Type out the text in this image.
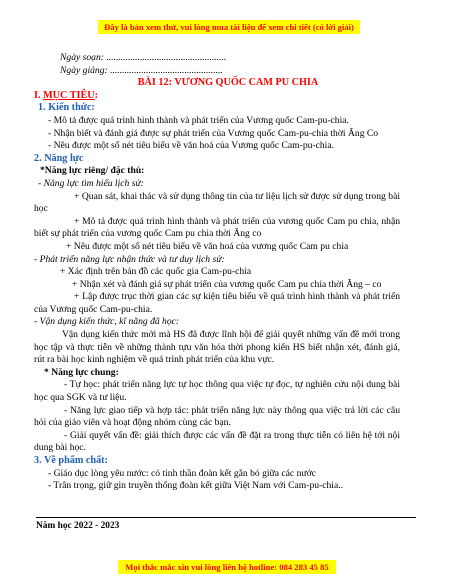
Đây là bản xem thử, vui lòng mua tài liệu để xem chi tiết (có lời giải)
Ngày soạn: ..................................................
Ngày giảng: ...............................................
BÀI 12: VƯƠNG QUỐC CAM PU CHIA
I. MỤC TIÊU:
1. Kiến thức:
- Mô tả được quá trình hình thành và phát triển của Vương quốc Cam-pu-chia.
- Nhận biết và đánh giá được sự phát triển của Vương quốc Cam-pu-chia thời Ăng Co
- Nêu được một số nét tiêu biểu về văn hoá của Vương quốc Cam-pu-chia.
2. Năng lực
*Năng lực riêng/ đặc thù:
- Năng lực tìm hiểu lịch sử:
+ Quan sát, khai thác và sử dụng thông tin của tư liệu lịch sử được sử dụng trong bài học
+ Mô tả được quá trình hình thành và phát triển của vương quốc Cam pu chia, nhận biết sự phát triển của vương quốc Cam pu chia thời Ăng co
+ Nêu được một số nét tiêu biểu về văn hoá của vương quốc Cam pu chia
- Phát triển năng lực nhận thức và tư duy lịch sử:
+ Xác định trên bản đồ các quốc gia Cam-pu-chia
+ Nhận xét và đánh giá sự phát triển của vương quốc Cam pu chia thời Ăng – co
+ Lập được trục thời gian các sự kiện tiêu biểu về quá trình hình thành và phát triển của Vương quốc Cam-pu-chia.
- Vận dụng kiến thức, kĩ năng đã học:
Vận dụng kiến thức mới mà HS đã được lĩnh hội để giải quyết những vấn đề mới trong học tập và thực tiễn về những thành tựu văn hóa thời phong kiến HS biết nhận xét, đánh giá, rút ra bài học kinh nghiệm về quá trình phát triển của khu vực.
* Năng lực chung:
- Tự học: phát triển năng lực tự học thông qua việc tự đọc, tự nghiên cứu nội dung bài học qua SGK và tư liệu.
- Năng lực giao tiếp và hợp tác: phát triển năng lực này thông qua việc trả lời các câu hỏi của giáo viên và hoạt động nhóm cùng các bạn.
- Giải quyết vấn đề: giải thích được các vấn đề đặt ra trong thực tiễn có liên hệ tới nội dung bài học.
3. Về phẩm chất:
- Giáo dục lòng yêu nước: có tinh thần đoàn kết gắn bó giữa các nước
- Trân trọng, giữ gìn truyền thống đoàn kết giữa Việt Nam với Cam-pu-chia..
Năm học 2022 - 2023
Mọi thắc mắc xin vui lòng liên hệ hotline: 084 283 45 85
